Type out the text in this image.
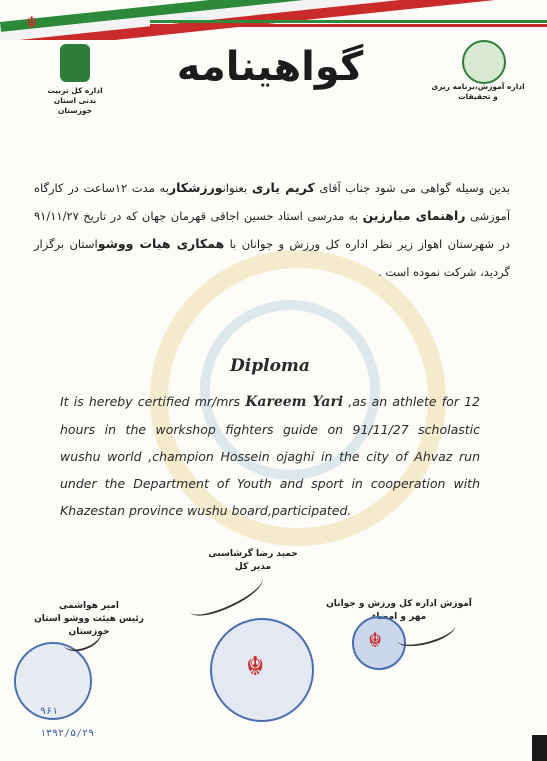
☬
اداره کل تربیت بدنی استان خوزستان
اداره آموزش،برنامه ریزی و تحقیقات
گواهینامه
بدین وسیله گواهی می شود جناب آقای کریم یاری بعنوانورزشکاربه مدت ۱۲ساعت در کارگاه آموزشی راهنمای مبارزین به مدرسی استاد حسین اجاقی قهرمان جهان که در تاریخ ۹۱/۱۱/۲۷ در شهرستان اهواز زیر نظر اداره کل ورزش و جوانان با همکاری هیات ووشواستان برگزار گردید، شرکت نموده است .
Diploma
It is hereby certified mr/mrs Kareem Yari ,as an athlete for 12 hours in the workshop fighters guide on 91/11/27 scholastic wushu world ,champion Hossein ojaghi in the city of Ahvaz run under the Department of Youth and sport in cooperation with Khazestan province wushu board,participated.
حمید رضا گرشاسبی
مدیر کل
امیر هواشمی
رئیس هیئت ووشو استان خوزستان
آموزش اداره کل ورزش و جوانان
مهر و امضاء
☬
☬
۹۶۱
۱۳۹۲/۵/۲۹
